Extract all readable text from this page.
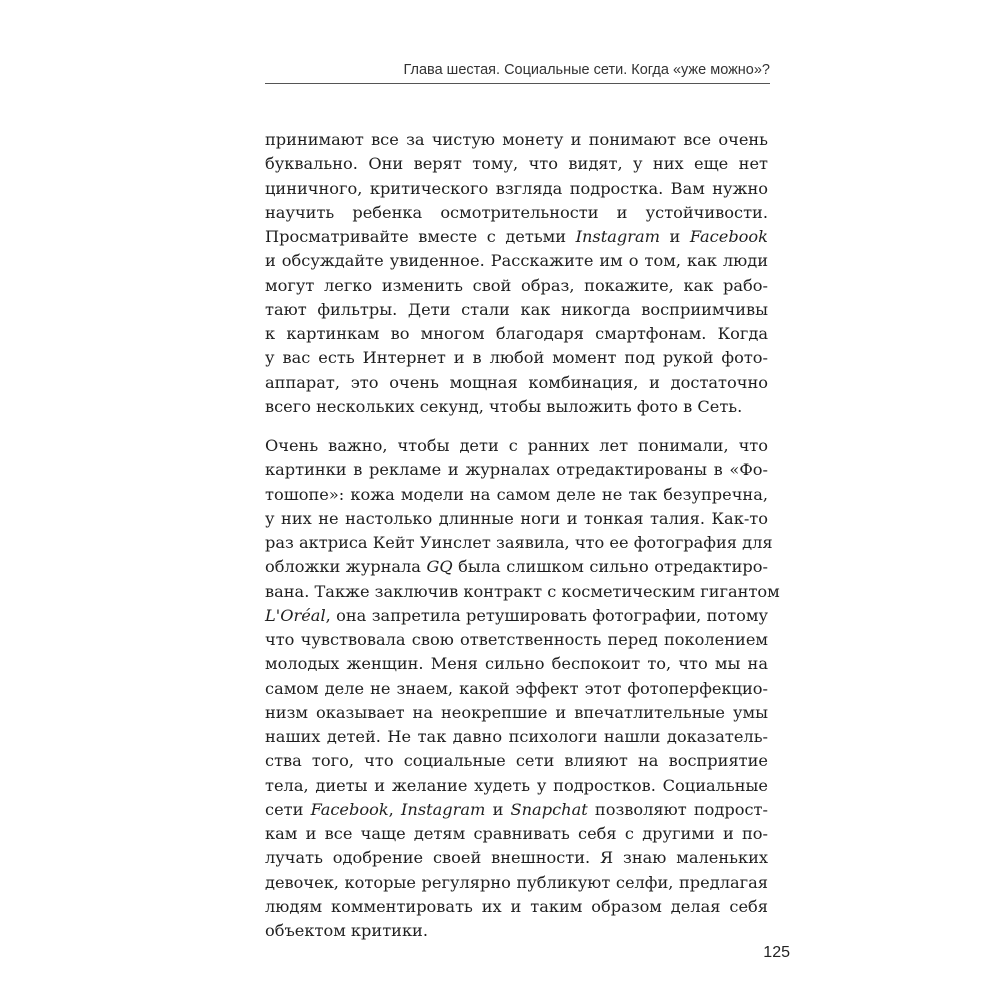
Глава шестая. Социальные сети. Когда «уже можно»?
принимают все за чистую монету и понимают все очень
буквально. Они верят тому, что видят, у них еще нет
циничного, критического взгляда подростка. Вам нужно
научить ребенка осмотрительности и устойчивости.
Просматривайте вместе с детьми Instagram и Facebook
и обсуждайте увиденное. Расскажите им о том, как люди
могут легко изменить свой образ, покажите, как рабо-
тают фильтры. Дети стали как никогда восприимчивы
к картинкам во многом благодаря смартфонам. Когда
у вас есть Интернет и в любой момент под рукой фото-
аппарат, это очень мощная комбинация, и достаточно
всего нескольких секунд, чтобы выложить фото в Сеть.
Очень важно, чтобы дети с ранних лет понимали, что
картинки в рекламе и журналах отредактированы в «Фо-
тошопе»: кожа модели на самом деле не так безупречна,
у них не настолько длинные ноги и тонкая талия. Как-то
раз актриса Кейт Уинслет заявила, что ее фотография для
обложки журнала GQ была слишком сильно отредактиро-
вана. Также заключив контракт с косметическим гигантом
L'Oréal, она запретила ретушировать фотографии, потому
что чувствовала свою ответственность перед поколением
молодых женщин. Меня сильно беспокоит то, что мы на
самом деле не знаем, какой эффект этот фотоперфекцио-
низм оказывает на неокрепшие и впечатлительные умы
наших детей. Не так давно психологи нашли доказатель-
ства того, что социальные сети влияют на восприятие
тела, диеты и желание худеть у подростков. Социальные
сети Facebook, Instagram и Snapchat позволяют подрост-
кам и все чаще детям сравнивать себя с другими и по-
лучать одобрение своей внешности. Я знаю маленьких
девочек, которые регулярно публикуют селфи, предлагая
людям комментировать их и таким образом делая себя
объектом критики.
125
